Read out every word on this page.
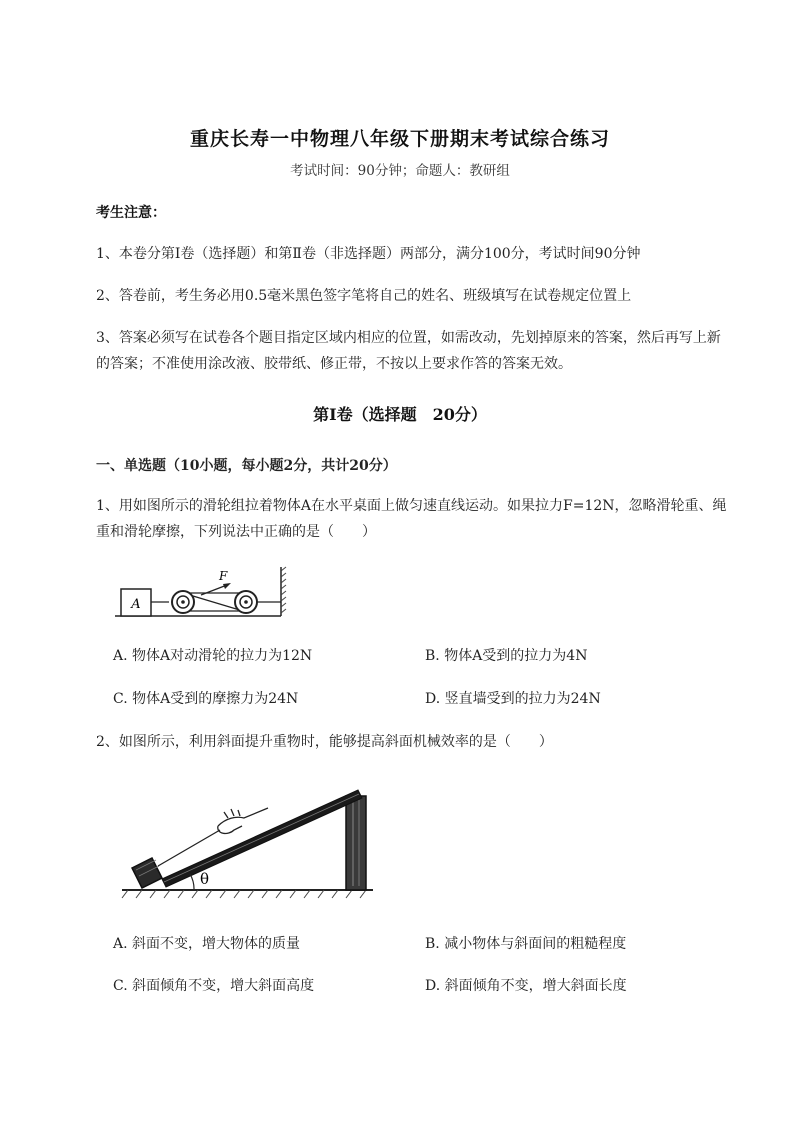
重庆长寿一中物理八年级下册期末考试综合练习
考试时间：90分钟；命题人：教研组
考生注意：
1、本卷分第Ⅰ卷（选择题）和第Ⅱ卷（非选择题）两部分，满分100分，考试时间90分钟
2、答卷前，考生务必用0.5毫米黑色签字笔将自己的姓名、班级填写在试卷规定位置上
3、答案必须写在试卷各个题目指定区域内相应的位置，如需改动，先划掉原来的答案，然后再写上新
的答案；不准使用涂改液、胶带纸、修正带，不按以上要求作答的答案无效。
第Ⅰ卷（选择题　20分）
一、单选题（10小题，每小题2分，共计20分）
1、用如图所示的滑轮组拉着物体A在水平桌面上做匀速直线运动。如果拉力F=12N，忽略滑轮重、绳
重和滑轮摩擦，下列说法中正确的是（　　）
A
F
A. 物体A对动滑轮的拉力为12N	B. 物体A受到的拉力为4N
C. 物体A受到的摩擦力为24N	D. 竖直墙受到的拉力为24N
2、如图所示，利用斜面提升重物时，能够提高斜面机械效率的是（　　）
θ
A. 斜面不变，增大物体的质量	B. 减小物体与斜面间的粗糙程度
C. 斜面倾角不变，增大斜面高度	D. 斜面倾角不变，增大斜面长度
